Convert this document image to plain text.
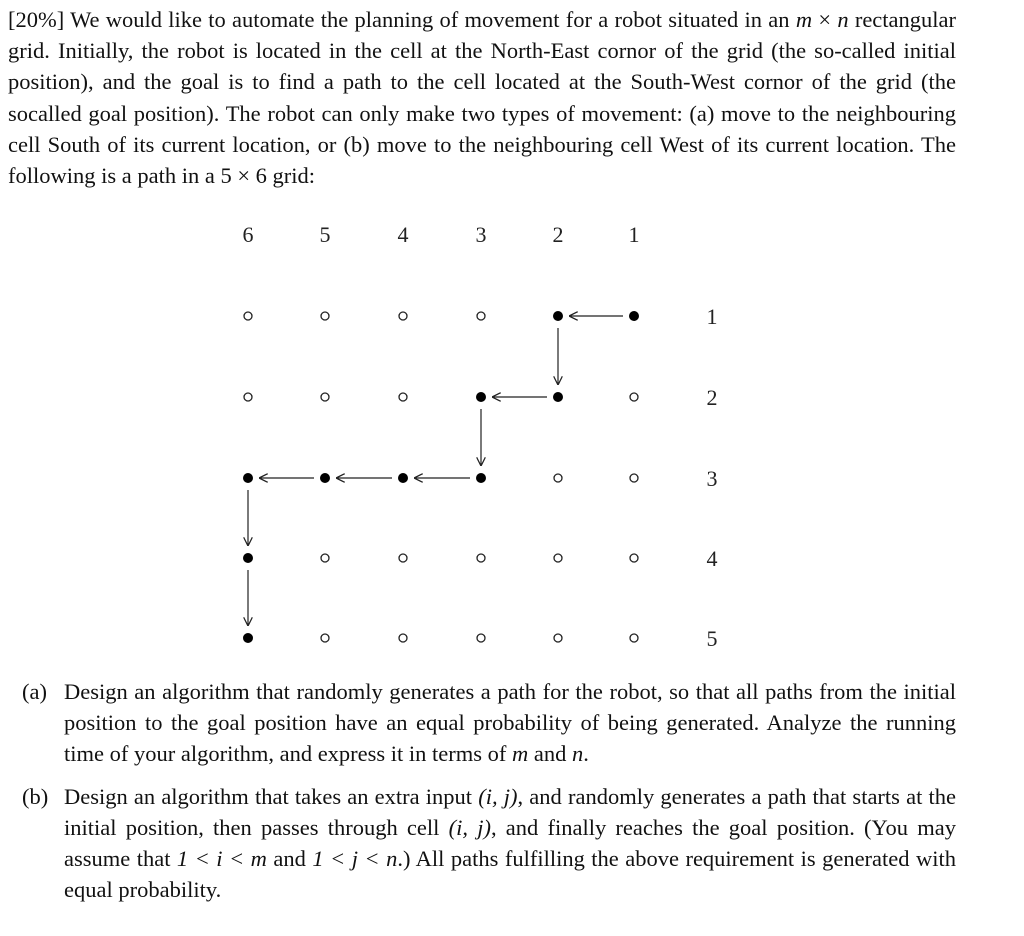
[20%] We would like to automate the planning of movement for a robot situated in an m × n rectangular grid. Initially, the robot is located in the cell at the North-East cornor of the grid (the so-called initial position), and the goal is to find a path to the cell located at the South-West cornor of the grid (the socalled goal position). The robot can only make two types of movement: (a) move to the neighbouring cell South of its current location, or (b) move to the neighbouring cell West of its current location. The following is a path in a 5 × 6 grid:

6	5	4	3	2	1
1
2
3
4
5
(a) Design an algorithm that randomly generates a path for the robot, so that all paths from the initial position to the goal position have an equal probability of being generated. Analyze the running time of your algorithm, and express it in terms of m and n.
(b) Design an algorithm that takes an extra input (i, j), and randomly generates a path that starts at the initial position, then passes through cell (i, j), and finally reaches the goal position. (You may assume that 1 < i < m and 1 < j < n.) All paths fulfilling the above requirement is generated with equal probability.
